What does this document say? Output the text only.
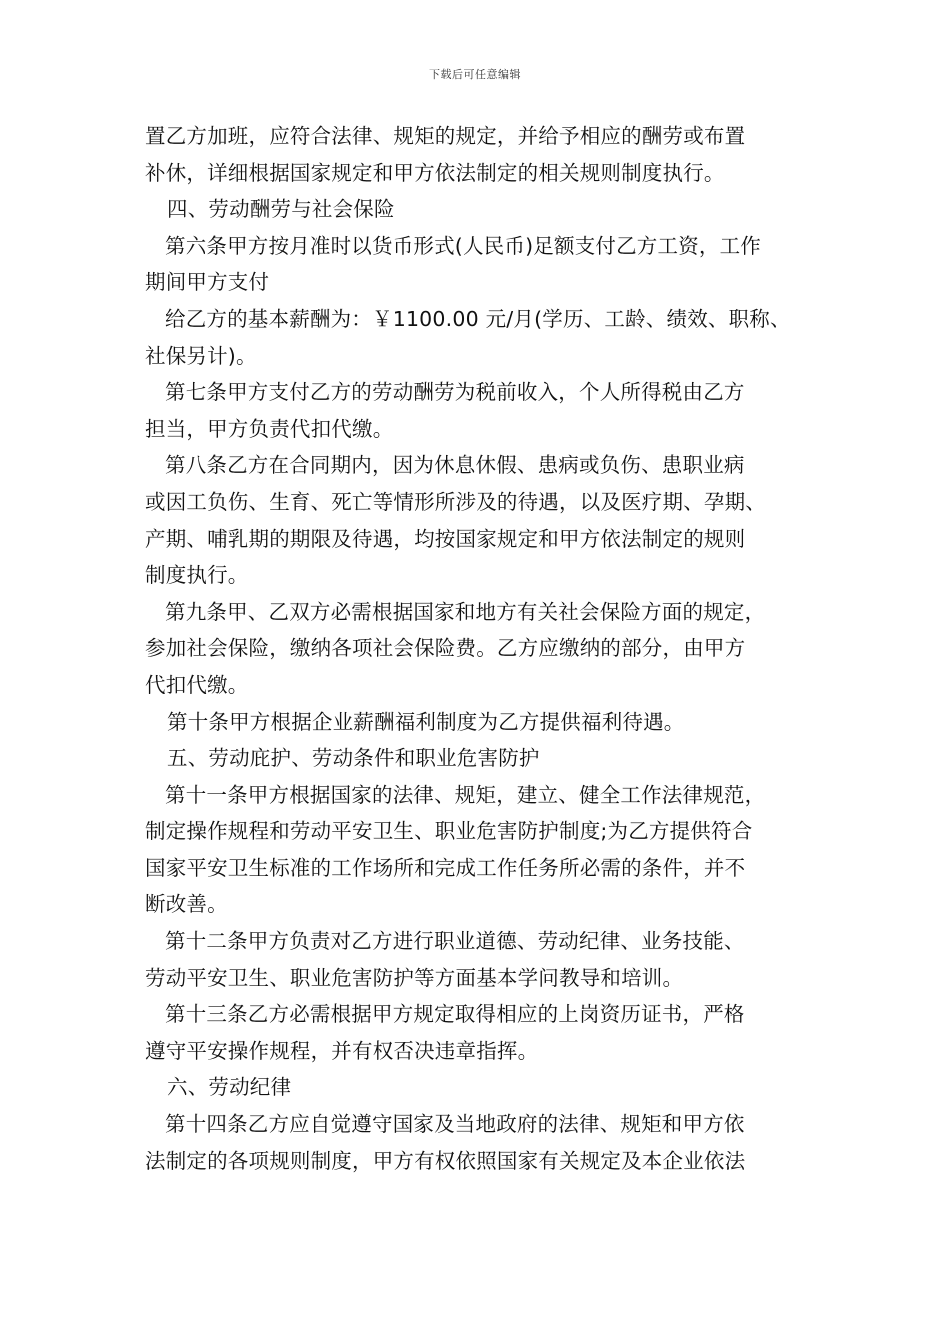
下载后可任意编辑
置乙方加班，应符合法律、规矩的规定，并给予相应的酬劳或布置
补休，详细根据国家规定和甲方依法制定的相关规则制度执行。
四、劳动酬劳与社会保险
第六条甲方按月准时以货币形式(人民币)足额支付乙方工资，工作
期间甲方支付
给乙方的基本薪酬为：￥1100.00 元/月(学历、工龄、绩效、职称、
社保另计)。
第七条甲方支付乙方的劳动酬劳为税前收入，个人所得税由乙方
担当，甲方负责代扣代缴。
第八条乙方在合同期内，因为休息休假、患病或负伤、患职业病
或因工负伤、生育、死亡等情形所涉及的待遇，以及医疗期、孕期、
产期、哺乳期的期限及待遇，均按国家规定和甲方依法制定的规则
制度执行。
第九条甲、乙双方必需根据国家和地方有关社会保险方面的规定，
参加社会保险，缴纳各项社会保险费。乙方应缴纳的部分，由甲方
代扣代缴。
第十条甲方根据企业薪酬福利制度为乙方提供福利待遇。
五、劳动庇护、劳动条件和职业危害防护
第十一条甲方根据国家的法律、规矩，建立、健全工作法律规范，
制定操作规程和劳动平安卫生、职业危害防护制度;为乙方提供符合
国家平安卫生标准的工作场所和完成工作任务所必需的条件，并不
断改善。
第十二条甲方负责对乙方进行职业道德、劳动纪律、业务技能、
劳动平安卫生、职业危害防护等方面基本学问教导和培训。
第十三条乙方必需根据甲方规定取得相应的上岗资历证书，严格
遵守平安操作规程，并有权否决违章指挥。
六、劳动纪律
第十四条乙方应自觉遵守国家及当地政府的法律、规矩和甲方依
法制定的各项规则制度，甲方有权依照国家有关规定及本企业依法
